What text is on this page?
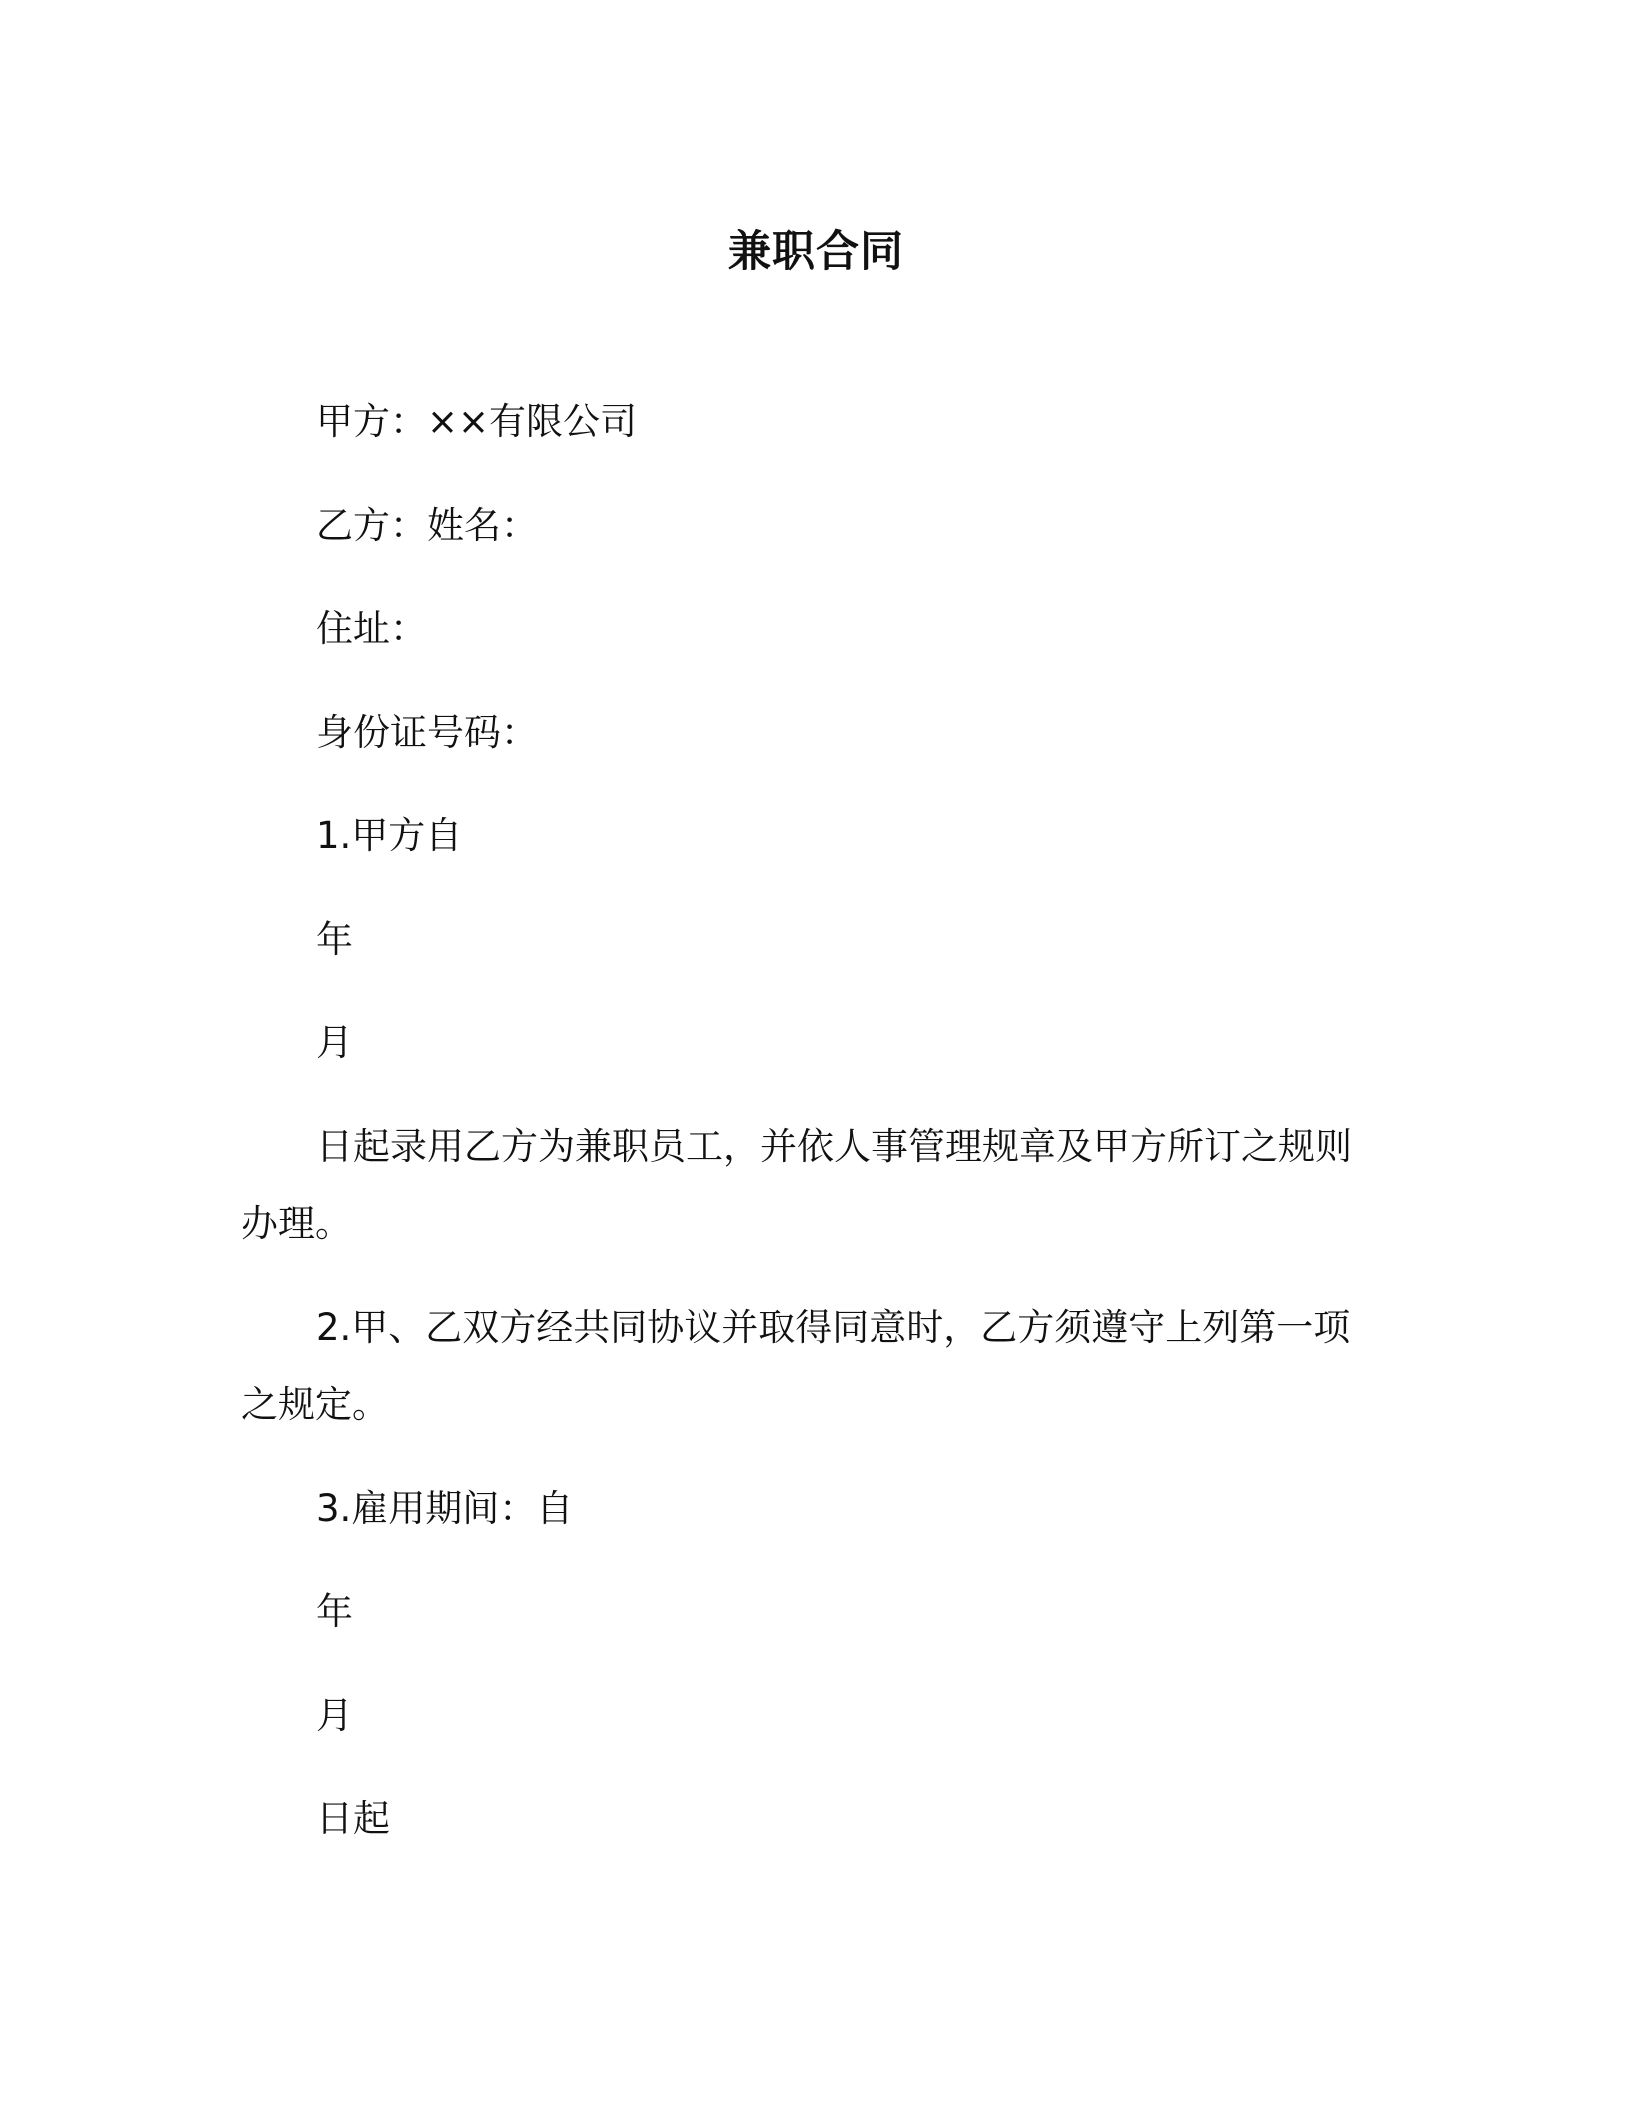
兼职合同
甲方：××有限公司
乙方：姓名：
住址：
身份证号码：
1.甲方自
年
月
日起录用乙方为兼职员工，并依人事管理规章及甲方所订之规则
办理。
2.甲、乙双方经共同协议并取得同意时，乙方须遵守上列第一项
之规定。
3.雇用期间：自
年
月
日起
